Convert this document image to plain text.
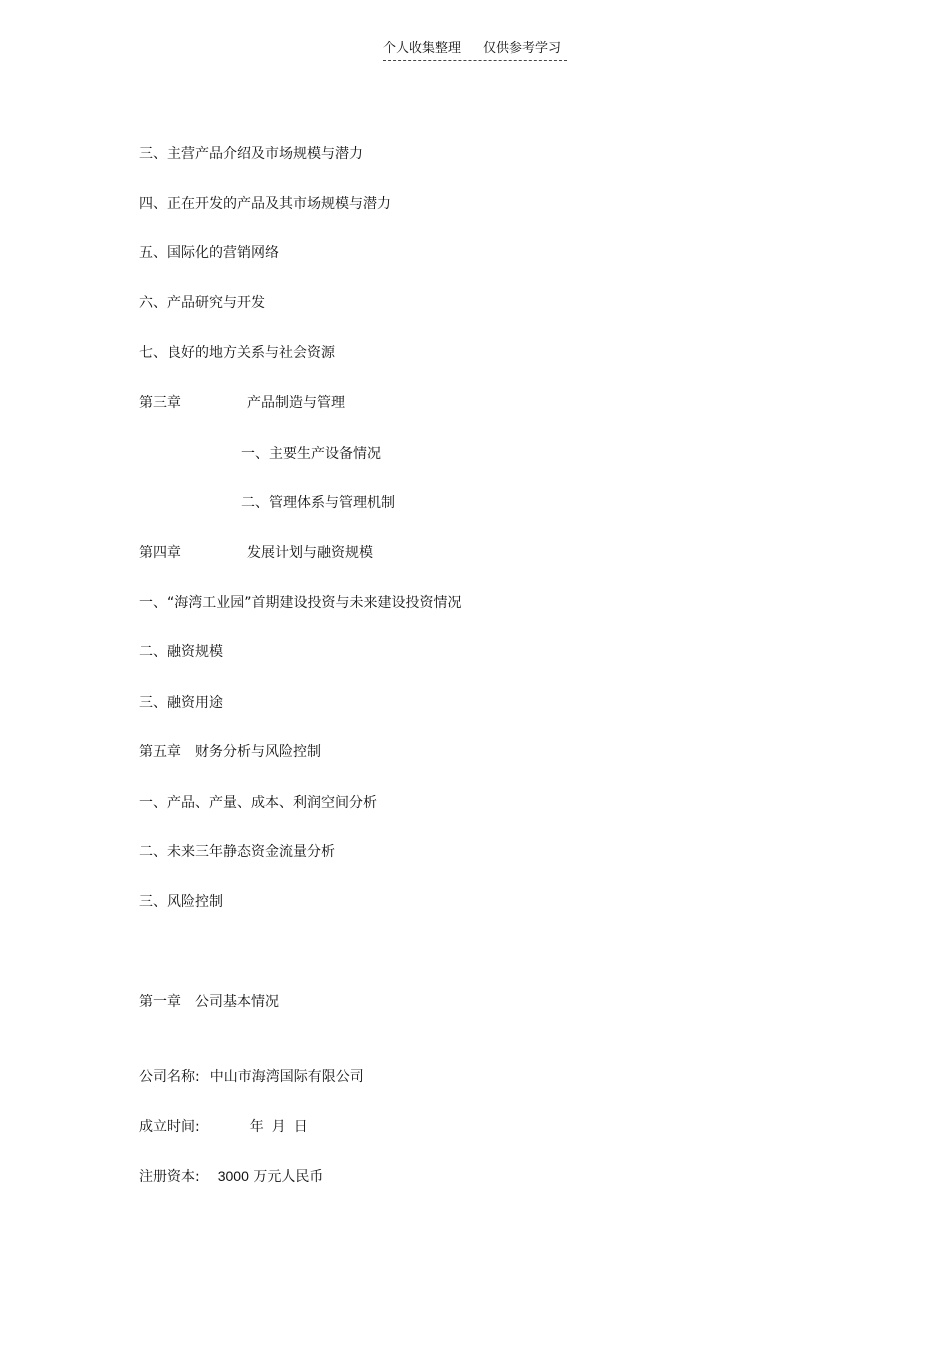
个人收集整理 仅供参考学习
三、主营产品介绍及市场规模与潜力
四、正在开发的产品及其市场规模与潜力
五、国际化的营销网络
六、产品研究与开发
七、良好的地方关系与社会资源
第三章	产品制造与管理
一、主要生产设备情况
二、管理体系与管理机制
第四章	发展计划与融资规模
一、“海湾工业园”首期建设投资与未来建设投资情况
二、融资规模
三、融资用途
第五章 财务分析与风险控制
一、产品、产量、成本、利润空间分析
二、未来三年静态资金流量分析
三、风险控制
第一章 公司基本情况
公司名称: 中山市海湾国际有限公司
成立时间:	年 月 日
注册资本: 3000 万元人民币
